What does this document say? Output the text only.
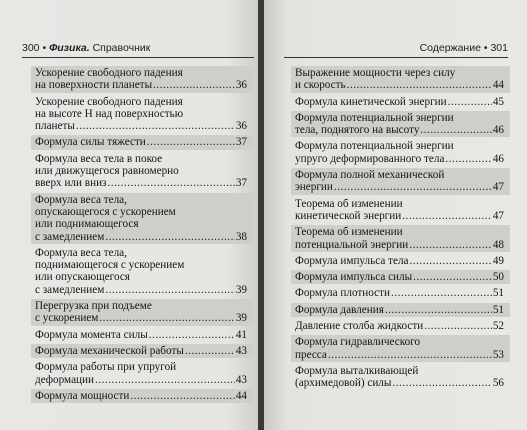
300 • Физика. Справочник
Ускорение свободного падения
на поверхности планеты .....	36
Ускорение свободного падения
на высоте H над поверхностью
планеты .....	36
Формула силы тяжести .....	37
Формула веса тела в покое
или движущегося равномерно
вверх или вниз .....	37
Формула веса тела,
опускающегося с ускорением
или поднимающегося
с замедлением .....	38
Формула веса тела,
поднимающегося с ускорением
или опускающегося
с замедлением .....	39
Перегрузка при подъеме
с ускорением .....	39
Формула момента силы .....	41
Формула механической работы .....	43
Формула работы при упругой
деформации .....	43
Формула мощности .....	44
Содержание • 301
Выражение мощности через силу
и скорость .....	44
Формула кинетической энергии .....	45
Формула потенциальной энергии
тела, поднятого на высоту .....	46
Формула потенциальной энергии
упруго деформированного тела .....	46
Формула полной механической
энергии .....	47
Теорема об изменении
кинетической энергии .....	47
Теорема об изменении
потенциальной энергии .....	48
Формула импульса тела .....	49
Формула импульса силы .....	50
Формула плотности .....	51
Формула давления .....	51
Давление столба жидкости .....	52
Формула гидравлического
пресса .....	53
Формула выталкивающей
(архимедовой) силы .....	56
